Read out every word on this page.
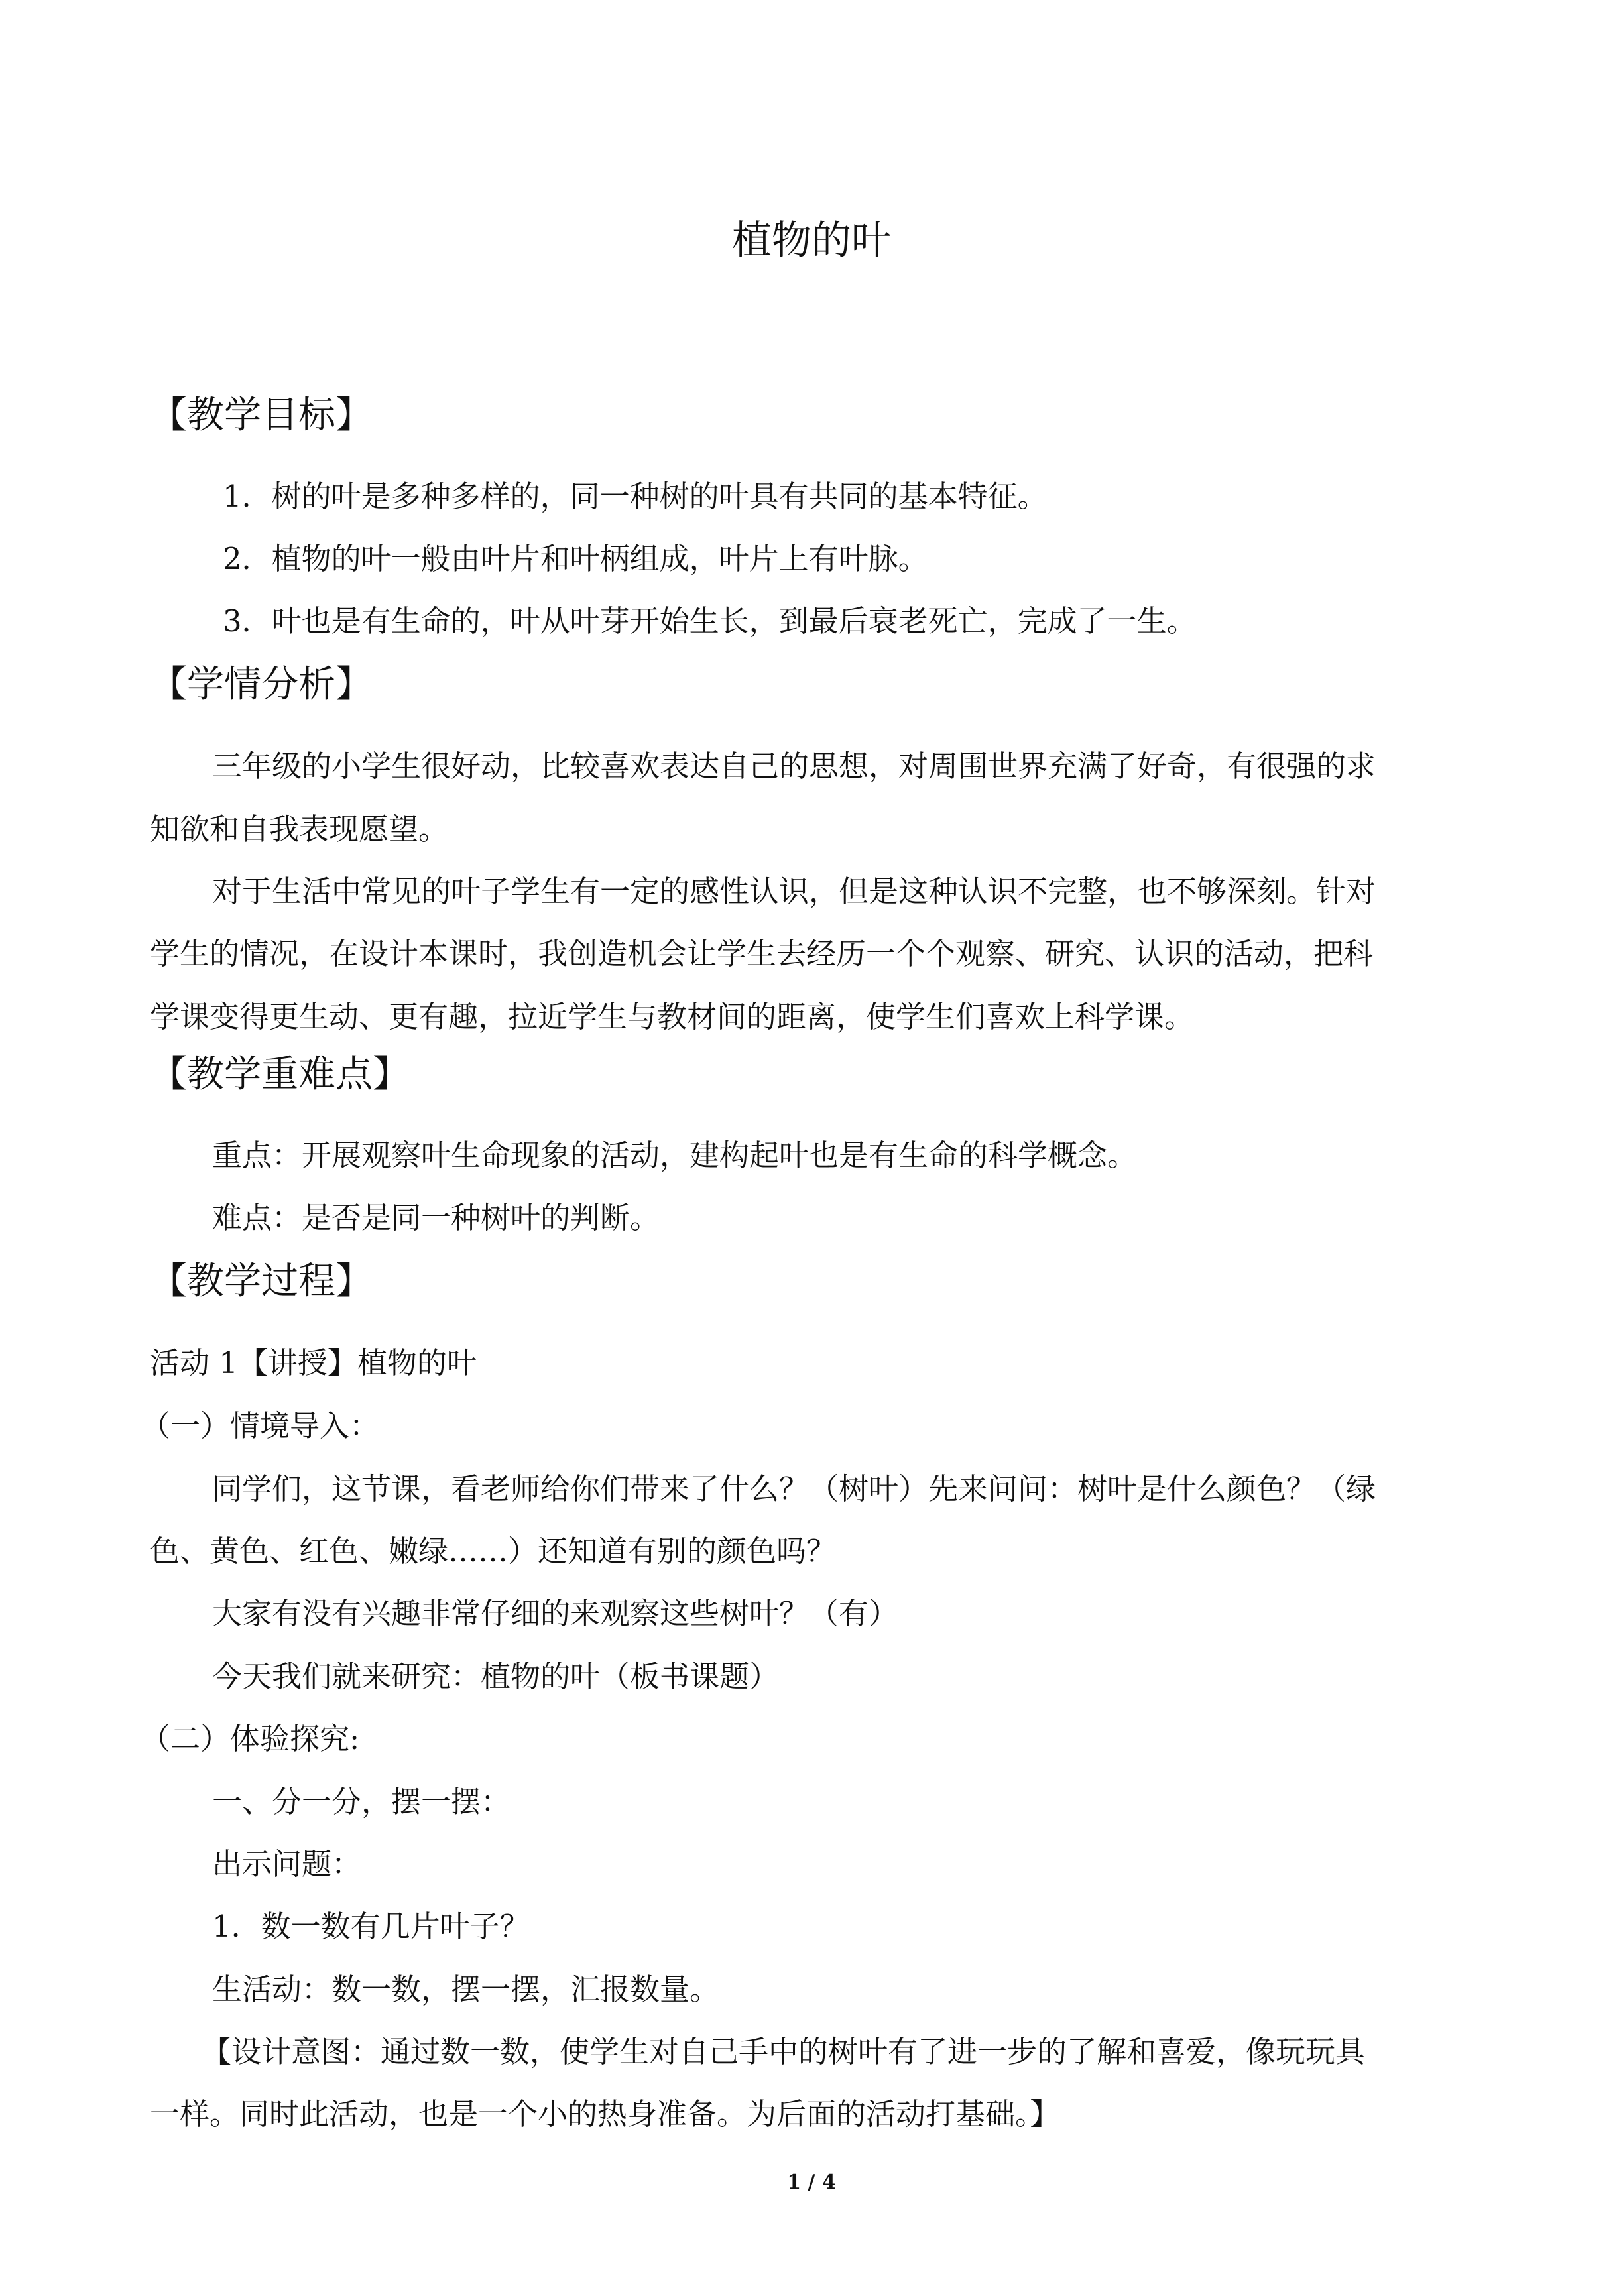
植物的叶
【教学目标】
1．树的叶是多种多样的，同一种树的叶具有共同的基本特征。
2．植物的叶一般由叶片和叶柄组成，叶片上有叶脉。
3．叶也是有生命的，叶从叶芽开始生长，到最后衰老死亡，完成了一生。
【学情分析】
三年级的小学生很好动，比较喜欢表达自己的思想，对周围世界充满了好奇，有很强的求
知欲和自我表现愿望。
对于生活中常见的叶子学生有一定的感性认识，但是这种认识不完整，也不够深刻。针对
学生的情况，在设计本课时，我创造机会让学生去经历一个个观察、研究、认识的活动，把科
学课变得更生动、更有趣，拉近学生与教材间的距离，使学生们喜欢上科学课。
【教学重难点】
重点：开展观察叶生命现象的活动，建构起叶也是有生命的科学概念。
难点：是否是同一种树叶的判断。
【教学过程】
活动 1【讲授】植物的叶
（一）情境导入：
同学们，这节课，看老师给你们带来了什么？（树叶）先来问问：树叶是什么颜色？（绿
色、黄色、红色、嫩绿……）还知道有别的颜色吗？
大家有没有兴趣非常仔细的来观察这些树叶？（有）
今天我们就来研究：植物的叶（板书课题）
（二）体验探究:
一、分一分，摆一摆：
出示问题：
1．数一数有几片叶子？
生活动：数一数，摆一摆，汇报数量。
【设计意图：通过数一数，使学生对自己手中的树叶有了进一步的了解和喜爱，像玩玩具
一样。同时此活动，也是一个小的热身准备。为后面的活动打基础。】
1 / 4
